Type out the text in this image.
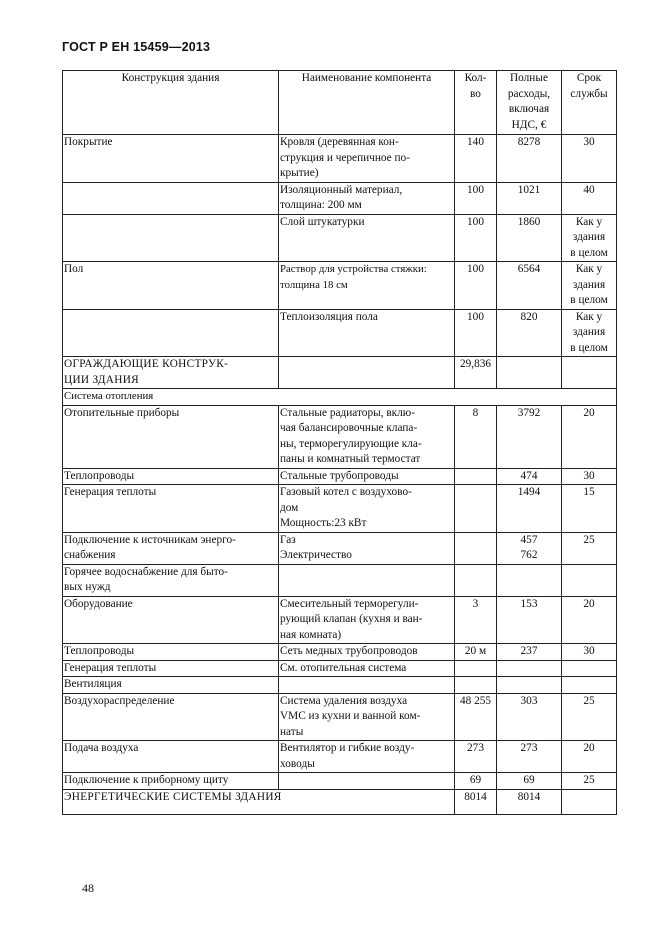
ГОСТ Р ЕН 15459—2013
Конструкция здания	Наименование компонента	Кол-
во	Полные
расходы,
включая
НДС, €	Срок
службы
Покрытие	Кровля (деревянная кон-
струкция и черепичное по-
крытие)	140	8278	30
	Изоляционный материал,
толщина: 200 мм	100	1021	40
	Слой штукатурки	100	1860	Как у
здания
в целом
Пол	Раствор для устройства стяжки:
толщина 18 см	100	6564	Как у
здания
в целом
	Теплоизоляция пола	100	820	Как у
здания
в целом
ОГРАЖДАЮЩИЕ КОНСТРУК-
ЦИИ ЗДАНИЯ		29,836		
Система отопления				
Отопительные приборы	Стальные радиаторы, вклю-
чая балансировочные клапа-
ны, терморегулирующие кла-
паны и комнатный термостат	8	3792	20
Теплопроводы	Стальные трубопроводы		474	30
Генерация теплоты	Газовый котел с воздухово-
дом
Мощность:23 кВт		1494	15
Подключение к источникам энерго-
снабжения	Газ
Электричество		457
762	25
Горячее водоснабжение для быто-
вых нужд				
Оборудование	Смесительный терморегули-
рующий клапан (кухня и ван-
ная комната)	3	153	20
Теплопроводы	Сеть медных трубопроводов	20 м	237	30
Генерация теплоты	См. отопительная система			
Вентиляция				
Воздухораспределение	Система удаления воздуха
VMC из кухни и ванной ком-
наты	48 255	303	25
Подача воздуха	Вентилятор и гибкие возду-
ховоды	273	273	20
Подключение к приборному щиту		69	69	25
ЭНЕРГЕТИЧЕСКИЕ СИСТЕМЫ ЗДАНИЯ		8014	8014	
48
